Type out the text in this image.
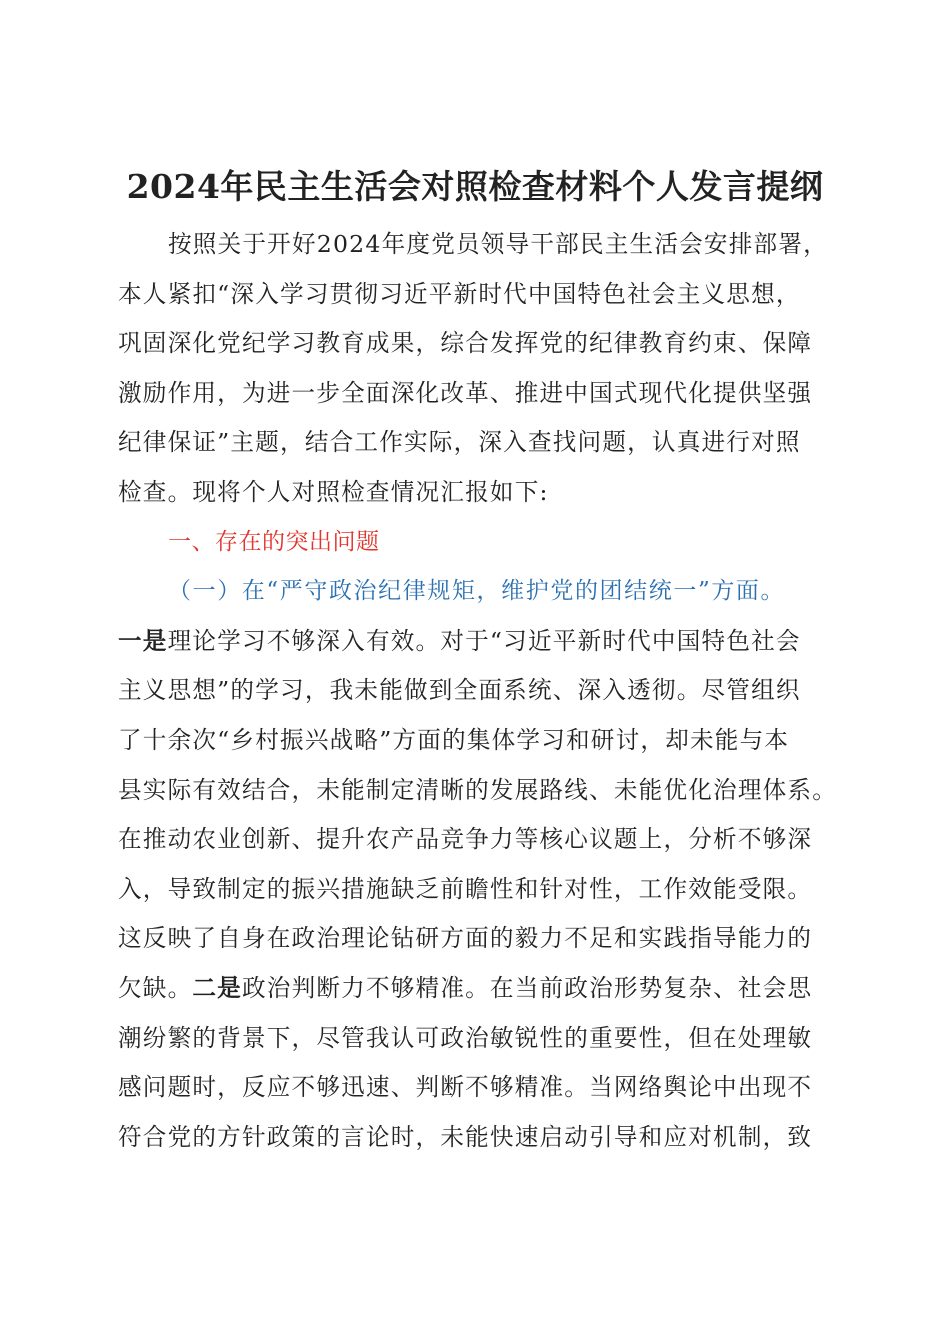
2024年民主生活会对照检查材料个人发言提纲
按照关于开好2024年度党员领导干部民主生活会安排部署，
本人紧扣“深入学习贯彻习近平新时代中国特色社会主义思想，
巩固深化党纪学习教育成果，综合发挥党的纪律教育约束、保障
激励作用，为进一步全面深化改革、推进中国式现代化提供坚强
纪律保证”主题，结合工作实际，深入查找问题，认真进行对照
检查。现将个人对照检查情况汇报如下:
一、存在的突出问题
（一）在“严守政治纪律规矩，维护党的团结统一”方面。
一是理论学习不够深入有效。对于“习近平新时代中国特色社会
主义思想”的学习，我未能做到全面系统、深入透彻。尽管组织
了十余次“乡村振兴战略”方面的集体学习和研讨，却未能与本
县实际有效结合，未能制定清晰的发展路线、未能优化治理体系。
在推动农业创新、提升农产品竞争力等核心议题上，分析不够深
入，导致制定的振兴措施缺乏前瞻性和针对性，工作效能受限。
这反映了自身在政治理论钻研方面的毅力不足和实践指导能力的
欠缺。二是政治判断力不够精准。在当前政治形势复杂、社会思
潮纷繁的背景下，尽管我认可政治敏锐性的重要性，但在处理敏
感问题时，反应不够迅速、判断不够精准。当网络舆论中出现不
符合党的方针政策的言论时，未能快速启动引导和应对机制，致
